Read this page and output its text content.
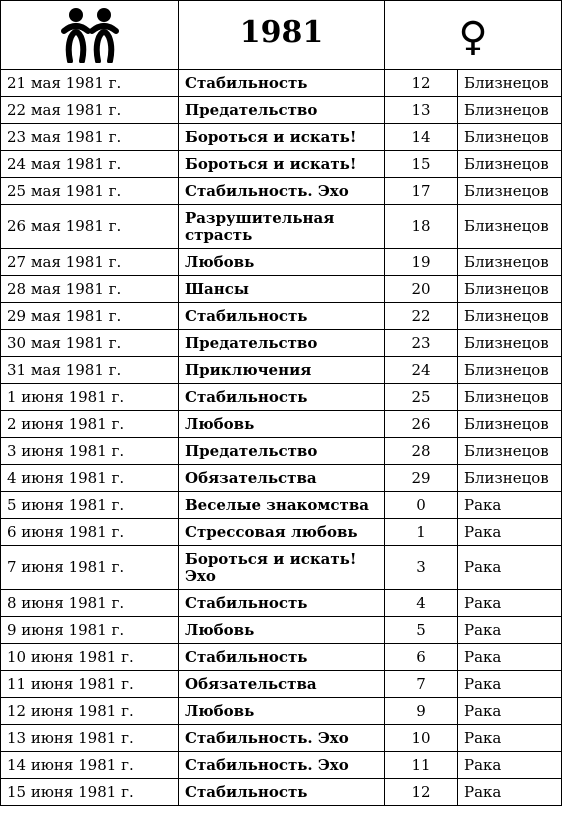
	1981	♀	
21 мая 1981 г.	Стабильность	12	Близнецов
22 мая 1981 г.	Предательство	13	Близнецов
23 мая 1981 г.	Бороться и искать!	14	Близнецов
24 мая 1981 г.	Бороться и искать!	15	Близнецов
25 мая 1981 г.	Стабильность. Эхо	17	Близнецов
26 мая 1981 г.	Разрушительная страсть	18	Близнецов
27 мая 1981 г.	Любовь	19	Близнецов
28 мая 1981 г.	Шансы	20	Близнецов
29 мая 1981 г.	Стабильность	22	Близнецов
30 мая 1981 г.	Предательство	23	Близнецов
31 мая 1981 г.	Приключения	24	Близнецов
1 июня 1981 г.	Стабильность	25	Близнецов
2 июня 1981 г.	Любовь	26	Близнецов
3 июня 1981 г.	Предательство	28	Близнецов
4 июня 1981 г.	Обязательства	29	Близнецов
5 июня 1981 г.	Веселые знакомства	0	Рака
6 июня 1981 г.	Стрессовая любовь	1	Рака
7 июня 1981 г.	Бороться и искать! Эхо	3	Рака
8 июня 1981 г.	Стабильность	4	Рака
9 июня 1981 г.	Любовь	5	Рака
10 июня 1981 г.	Стабильность	6	Рака
11 июня 1981 г.	Обязательства	7	Рака
12 июня 1981 г.	Любовь	9	Рака
13 июня 1981 г.	Стабильность. Эхо	10	Рака
14 июня 1981 г.	Стабильность. Эхо	11	Рака
15 июня 1981 г.	Стабильность	12	Рака
